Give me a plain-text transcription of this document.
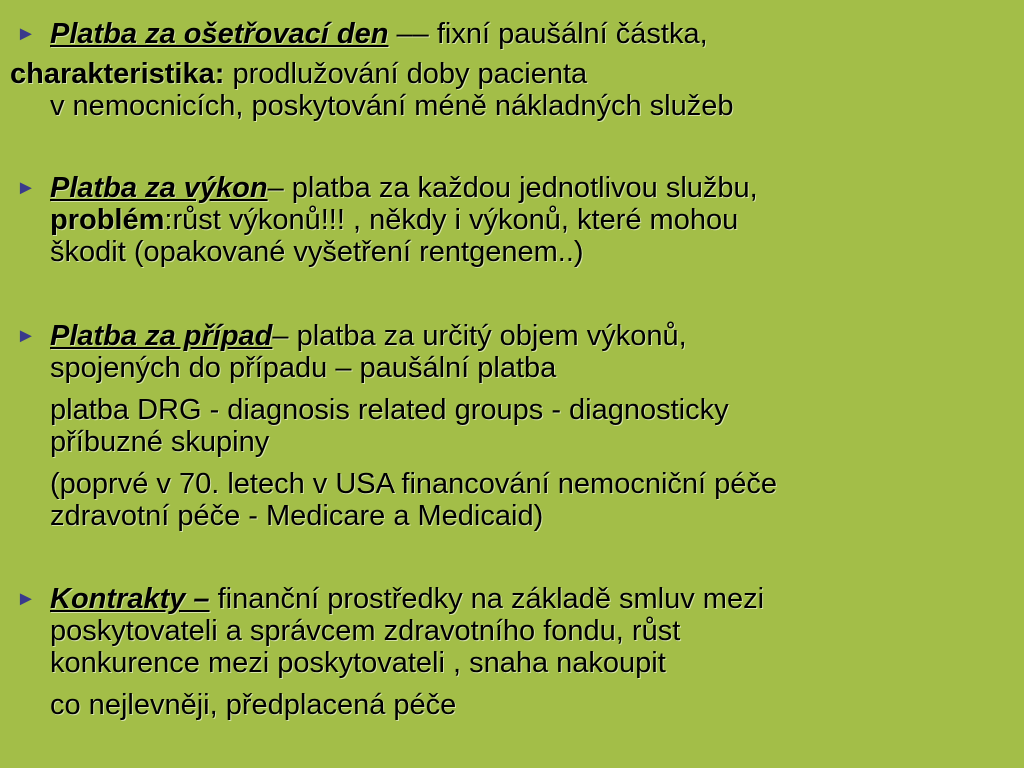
► Platba za ošetřovací den –– fixní paušální částka,
charakteristika: prodlužování doby pacienta
v nemocnicích, poskytování méně nákladných služeb
► Platba za výkon– platba za každou jednotlivou službu,
problém:růst výkonů!!! , někdy i výkonů, které mohou
škodit (opakované vyšetření rentgenem..)
► Platba za případ– platba za určitý objem výkonů,
spojených do případu – paušální platba
platba DRG - diagnosis related groups - diagnosticky
příbuzné skupiny
(poprvé v 70. letech v USA financování nemocniční péče
zdravotní péče - Medicare a Medicaid)
► Kontrakty – finanční prostředky na základě smluv mezi
poskytovateli a správcem zdravotního fondu, růst
konkurence mezi poskytovateli , snaha nakoupit
co nejlevněji, předplacená péče
